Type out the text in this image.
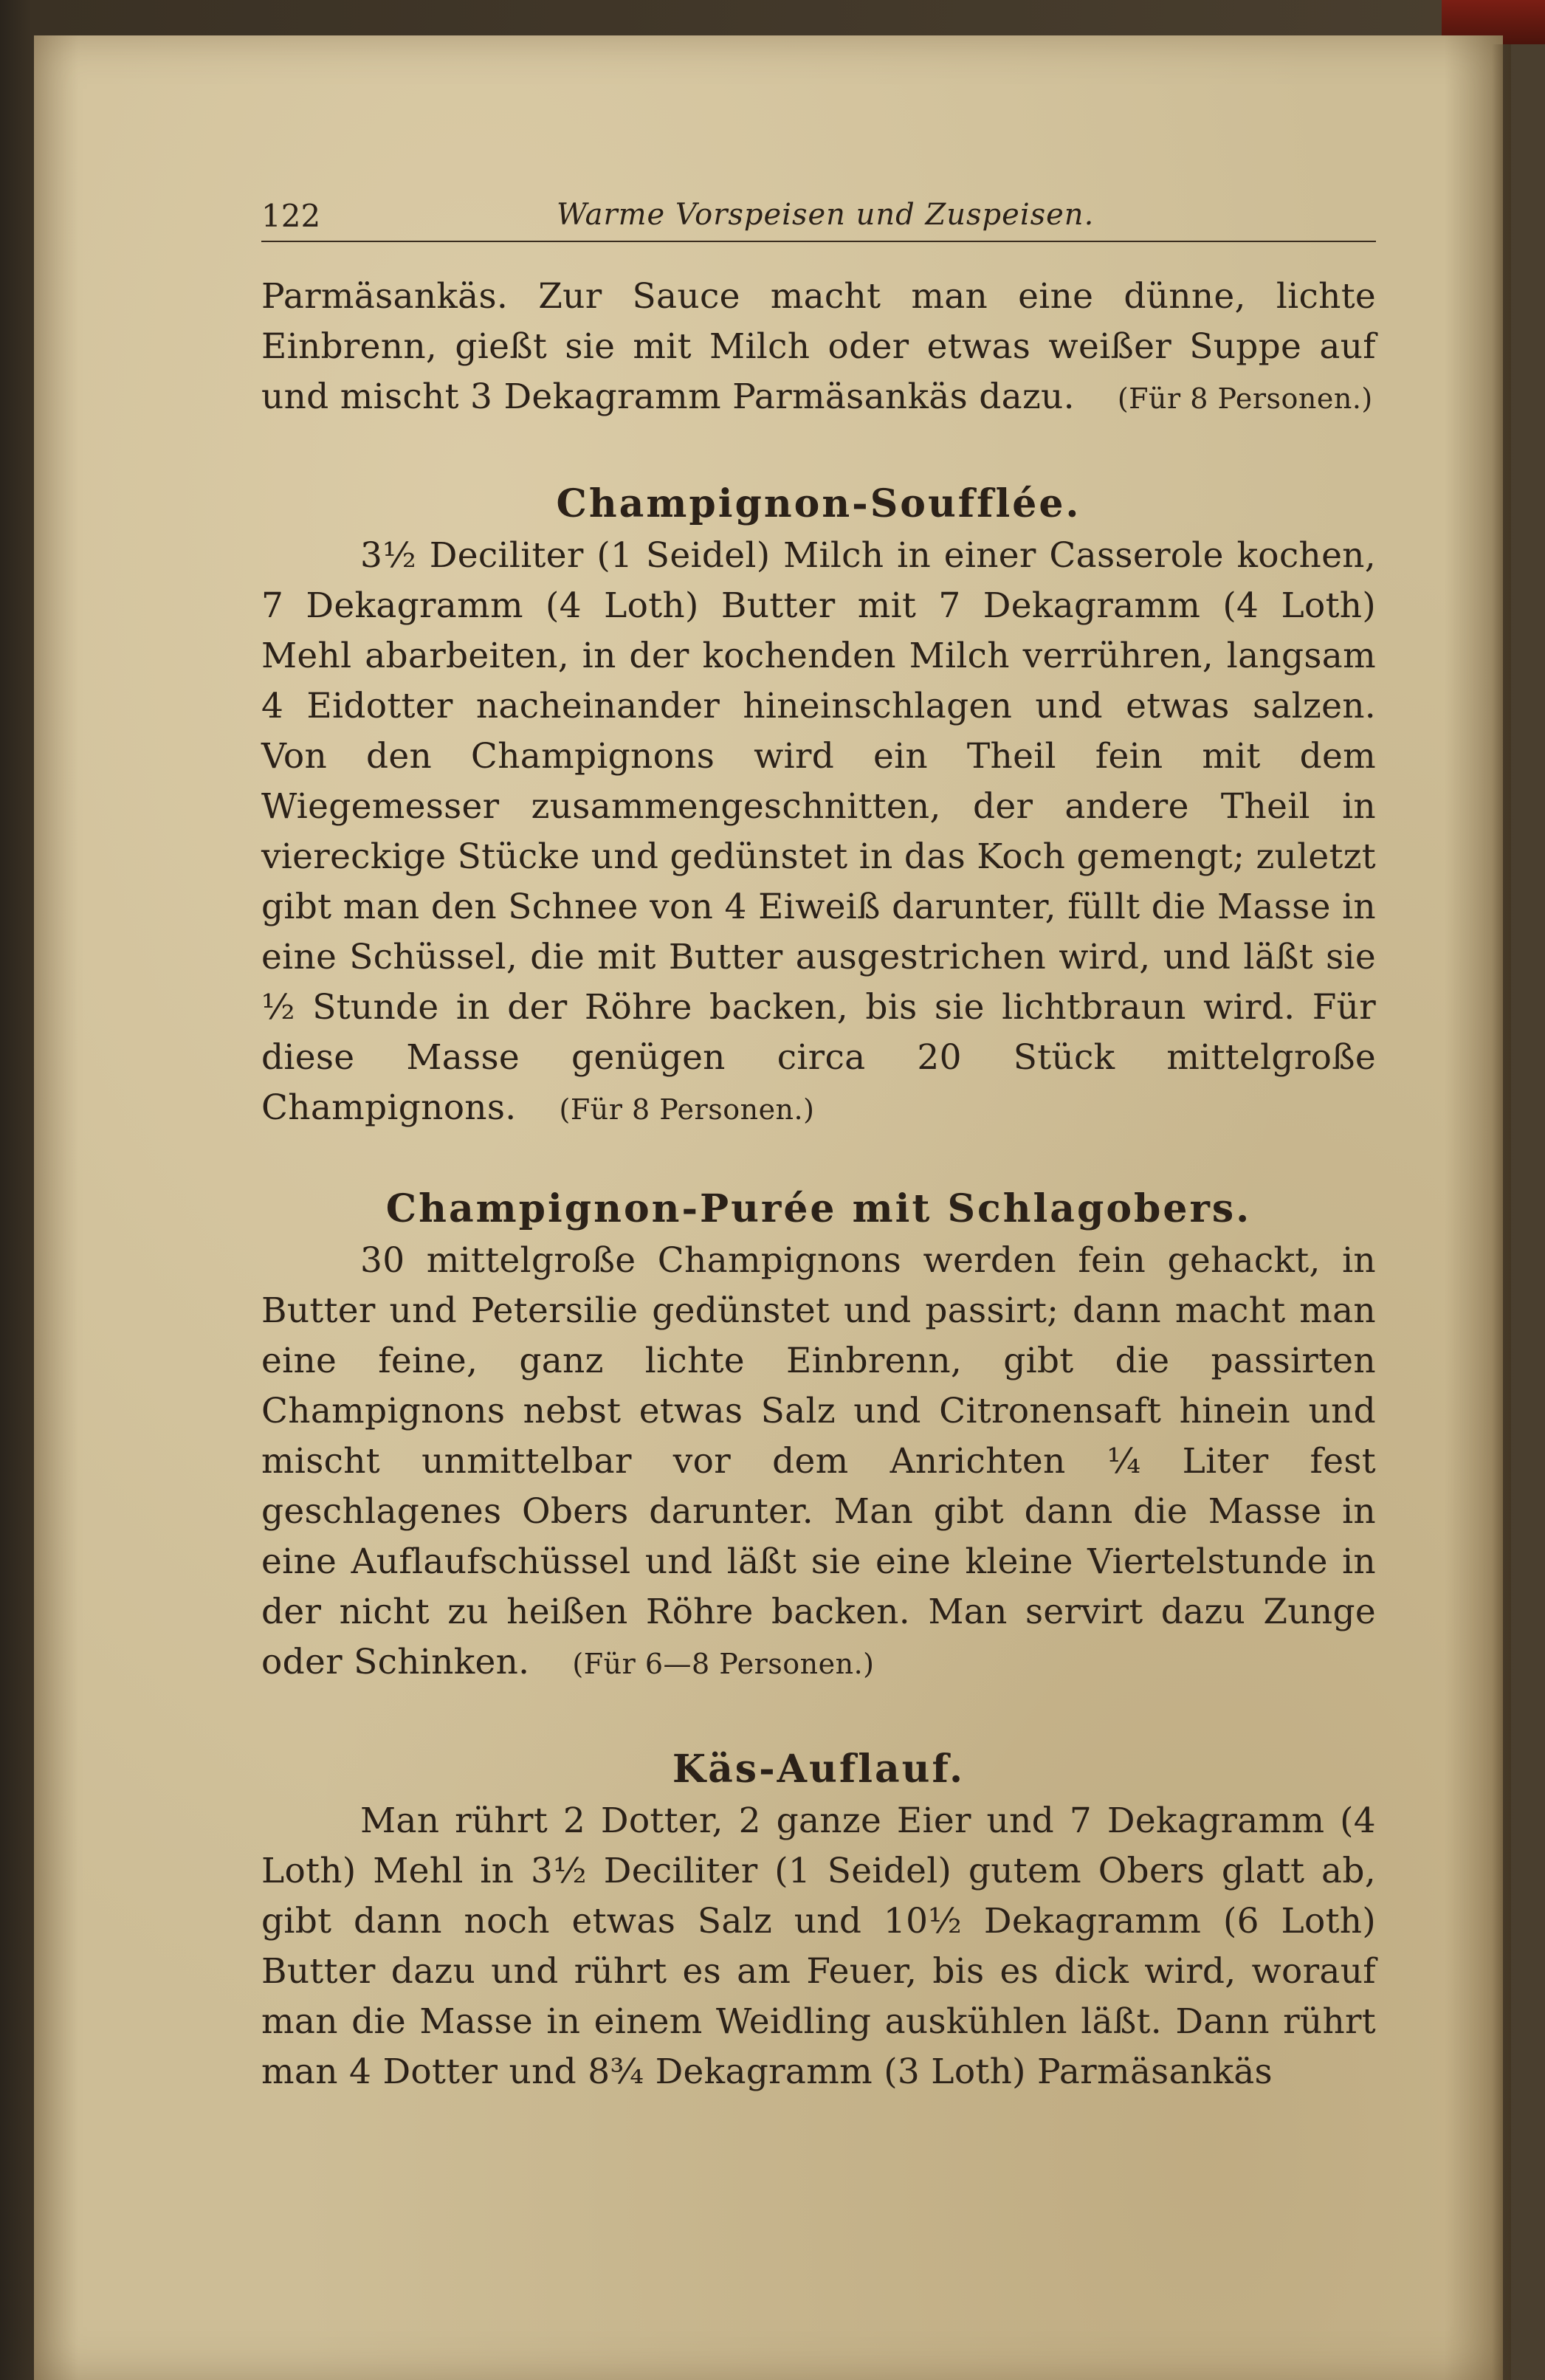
122	Warme Vorspeisen und Zuspeisen.

Parmäsankäs. Zur Sauce macht man eine dünne, lichte Einbrenn, gießt sie mit Milch oder etwas weißer Suppe auf und mischt 3 Dekagramm Parmäsankäs dazu. (Für 8 Personen.)

Champignon-Soufflée.

3½ Deciliter (1 Seidel) Milch in einer Casserole kochen, 7 Dekagramm (4 Loth) Butter mit 7 Dekagramm (4 Loth) Mehl abarbeiten, in der kochenden Milch verrühren, langsam 4 Eidotter nacheinander hineinschlagen und etwas salzen. Von den Champignons wird ein Theil fein mit dem Wiegemesser zusammengeschnitten, der andere Theil in viereckige Stücke und gedünstet in das Koch gemengt; zuletzt gibt man den Schnee von 4 Eiweiß darunter, füllt die Masse in eine Schüssel, die mit Butter ausgestrichen wird, und läßt sie ½ Stunde in der Röhre backen, bis sie lichtbraun wird. Für diese Masse genügen circa 20 Stück mittelgroße Champignons. (Für 8 Personen.)

Champignon-Purée mit Schlagobers.

30 mittelgroße Champignons werden fein gehackt, in Butter und Petersilie gedünstet und passirt; dann macht man eine feine, ganz lichte Einbrenn, gibt die passirten Champignons nebst etwas Salz und Citronensaft hinein und mischt unmittelbar vor dem Anrichten ¼ Liter fest geschlagenes Obers darunter. Man gibt dann die Masse in eine Auflaufschüssel und läßt sie eine kleine Viertelstunde in der nicht zu heißen Röhre backen. Man servirt dazu Zunge oder Schinken. (Für 6—8 Personen.)

Käs-Auflauf.

Man rührt 2 Dotter, 2 ganze Eier und 7 Dekagramm (4 Loth) Mehl in 3½ Deciliter (1 Seidel) gutem Obers glatt ab, gibt dann noch etwas Salz und 10½ Dekagramm (6 Loth) Butter dazu und rührt es am Feuer, bis es dick wird, worauf man die Masse in einem Weidling auskühlen läßt. Dann rührt man 4 Dotter und 8¾ Dekagramm (3 Loth) Parmäsankäs
